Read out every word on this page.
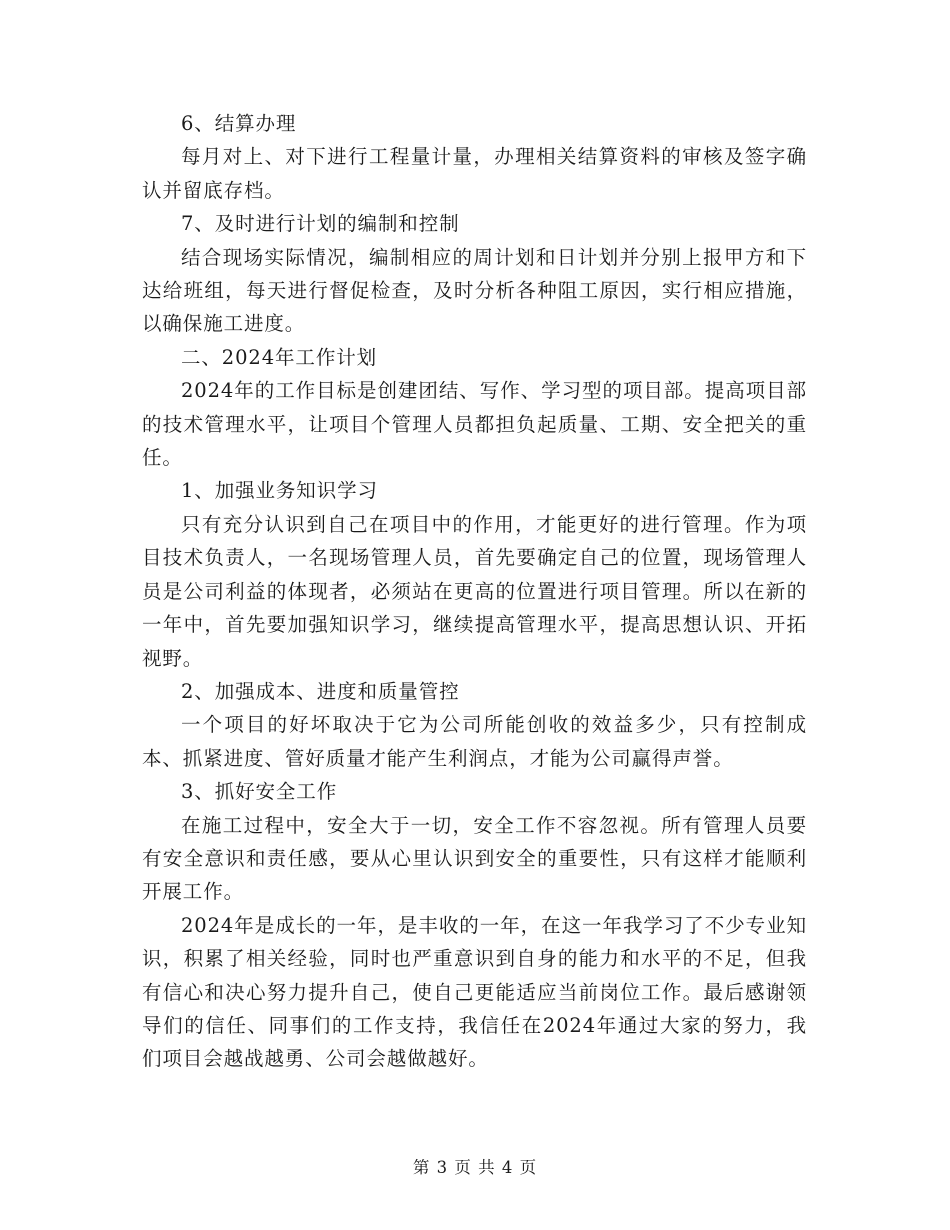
6、结算办理

每月对上、对下进行工程量计量，办理相关结算资料的审核及签字确认并留底存档。

7、及时进行计划的编制和控制

结合现场实际情况，编制相应的周计划和日计划并分别上报甲方和下达给班组，每天进行督促检查，及时分析各种阻工原因，实行相应措施，以确保施工进度。

二、2024年工作计划

2024年的工作目标是创建团结、写作、学习型的项目部。提高项目部的技术管理水平，让项目个管理人员都担负起质量、工期、安全把关的重任。

1、加强业务知识学习

只有充分认识到自己在项目中的作用，才能更好的进行管理。作为项目技术负责人，一名现场管理人员，首先要确定自己的位置，现场管理人员是公司利益的体现者，必须站在更高的位置进行项目管理。所以在新的一年中，首先要加强知识学习，继续提高管理水平，提高思想认识、开拓视野。

2、加强成本、进度和质量管控

一个项目的好坏取决于它为公司所能创收的效益多少，只有控制成本、抓紧进度、管好质量才能产生利润点，才能为公司赢得声誉。

3、抓好安全工作

在施工过程中，安全大于一切，安全工作不容忽视。所有管理人员要有安全意识和责任感，要从心里认识到安全的重要性，只有这样才能顺利开展工作。

2024年是成长的一年，是丰收的一年，在这一年我学习了不少专业知识，积累了相关经验，同时也严重意识到自身的能力和水平的不足，但我有信心和决心努力提升自己，使自己更能适应当前岗位工作。最后感谢领导们的信任、同事们的工作支持，我信任在2024年通过大家的努力，我们项目会越战越勇、公司会越做越好。

第 3 页 共 4 页
